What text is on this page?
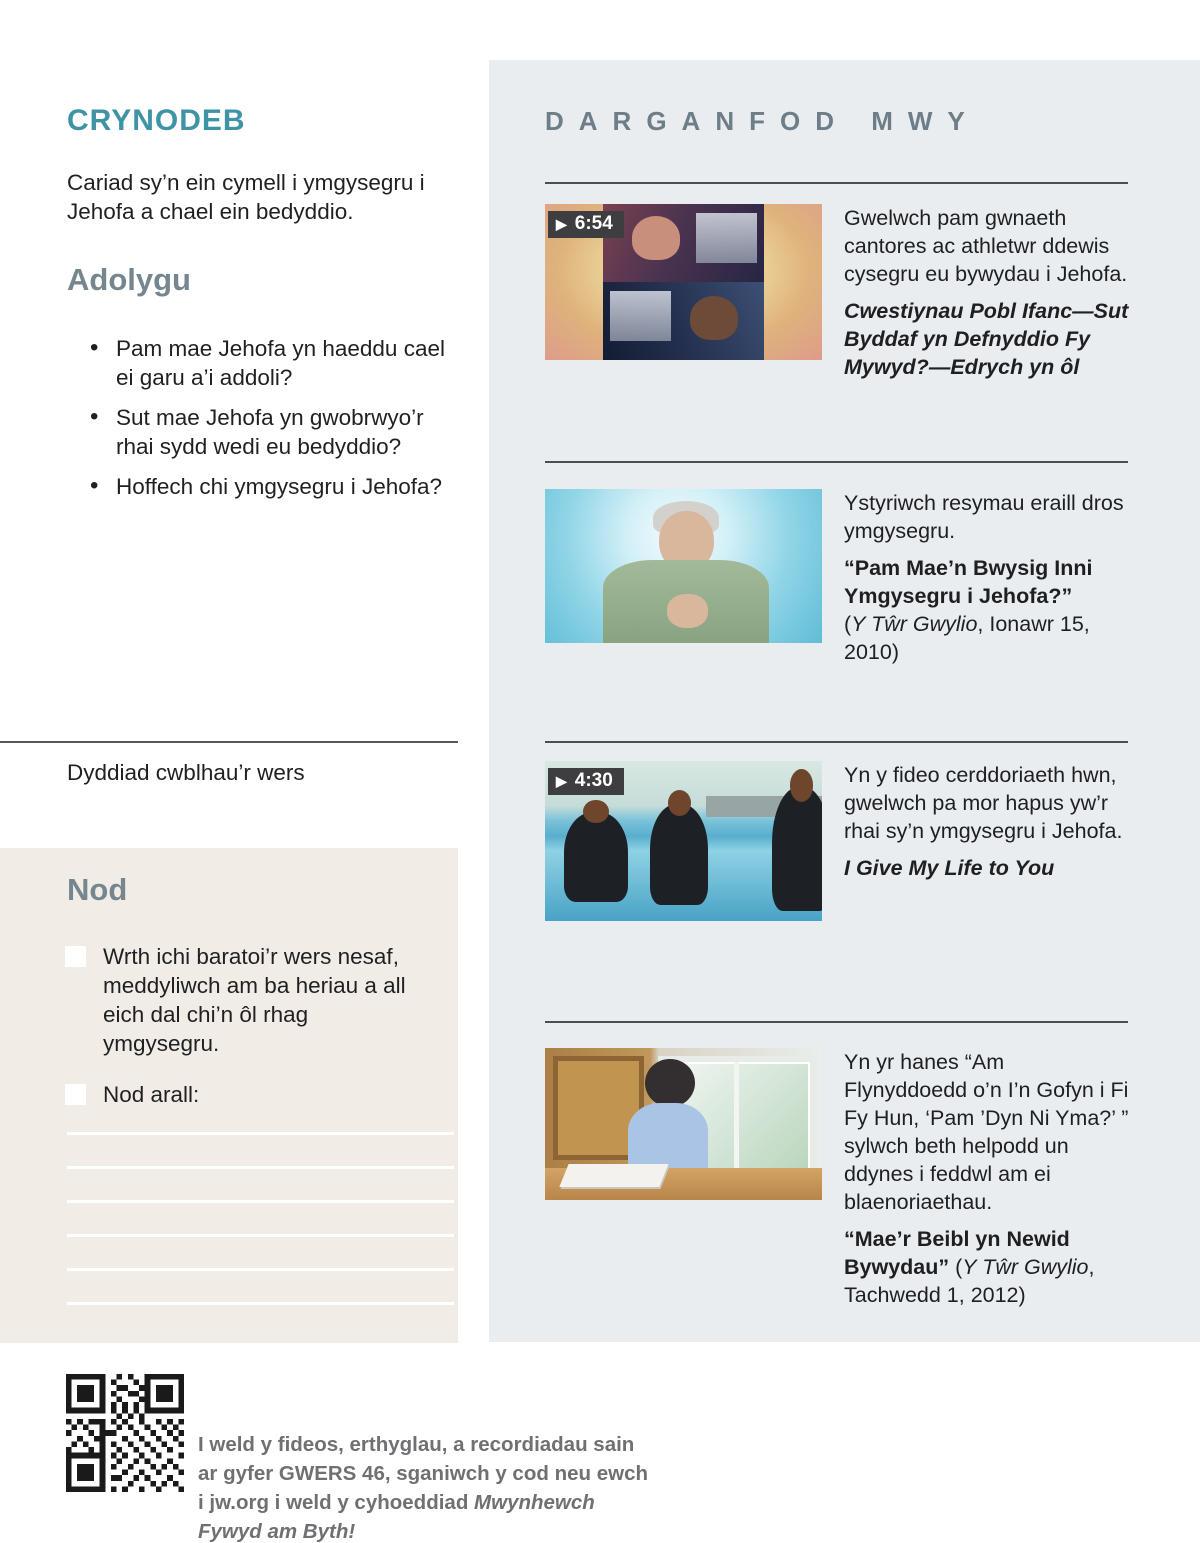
CRYNODEB

Cariad sy’n ein cymell i ymgysegru i Jehofa a chael ein bedyddio.

Adolygu
• Pam mae Jehofa yn haeddu cael ei garu a’i addoli?
• Sut mae Jehofa yn gwobrwyo’r rhai sydd wedi eu bedyddio?
• Hoffech chi ymgysegru i Jehofa?

Dyddiad cwblhau’r wers

Nod

Wrth ichi baratoi’r wers nesaf, meddyliwch am ba heriau a all eich dal chi’n ôl rhag ymgysegru.

Nod arall:

DARGANFOD MWY
▶ 6:54	Gwelwch pam gwnaeth cantores ac athletwr ddewis cysegru eu bywydau i Jehofa.

Cwestiynau Pobl Ifanc—Sut Byddaf yn Defnyddio Fy Mywyd?—Edrych yn ôl

Ystyriwch resymau eraill dros ymgysegru.

“Pam Mae’n Bwysig Inni Ymgysegru i Jehofa?”
(Y Tŵr Gwylio, Ionawr 15, 2010)

▶ 4:30	Yn y fideo cerddoriaeth hwn, gwelwch pa mor hapus yw’r rhai sy’n ymgysegru i Jehofa.

I Give My Life to You

Yn yr hanes “Am Flynyddoedd o’n I’n Gofyn i Fi Fy Hun, ‘Pam ’Dyn Ni Yma?’ ” sylwch beth helpodd un ddynes i feddwl am ei blaenoriaethau.

“Mae’r Beibl yn Newid Bywydau” (Y Tŵr Gwylio, Tachwedd 1, 2012)

I weld y fideos, erthyglau, a recordiadau sain ar gyfer GWERS 46, sganiwch y cod neu ewch i jw.org i weld y cyhoeddiad Mwynhewch Fywyd am Byth!
